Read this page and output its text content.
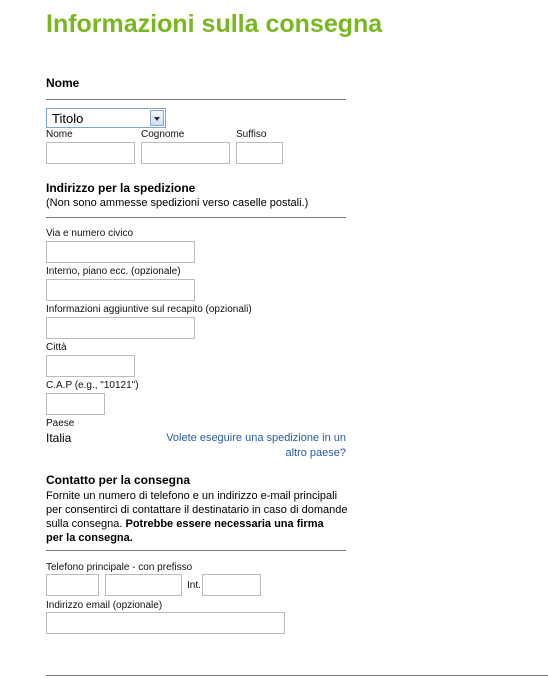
Informazioni sulla consegna
Nome
Titolo
Nome	Cognome	Suffiso
Indirizzo per la spedizione
(Non sono ammesse spedizioni verso caselle postali.)
Via e numero civico
Interno, piano ecc. (opzionale)
Informazioni aggiuntive sul recapito (opzionali)
Città
C.A.P (e.g., "10121")
Paese
Italia	Volete eseguire una spedizione in un
altro paese?
Contatto per la consegna
Fornite un numero di telefono e un indirizzo e-mail principali
per consentirci di contattare il destinatario in caso di domande
sulla consegna. Potrebbe essere necessaria una firma
per la consegna.
Telefono principale - con prefisso
Int.
Indirizzo email (opzionale)
